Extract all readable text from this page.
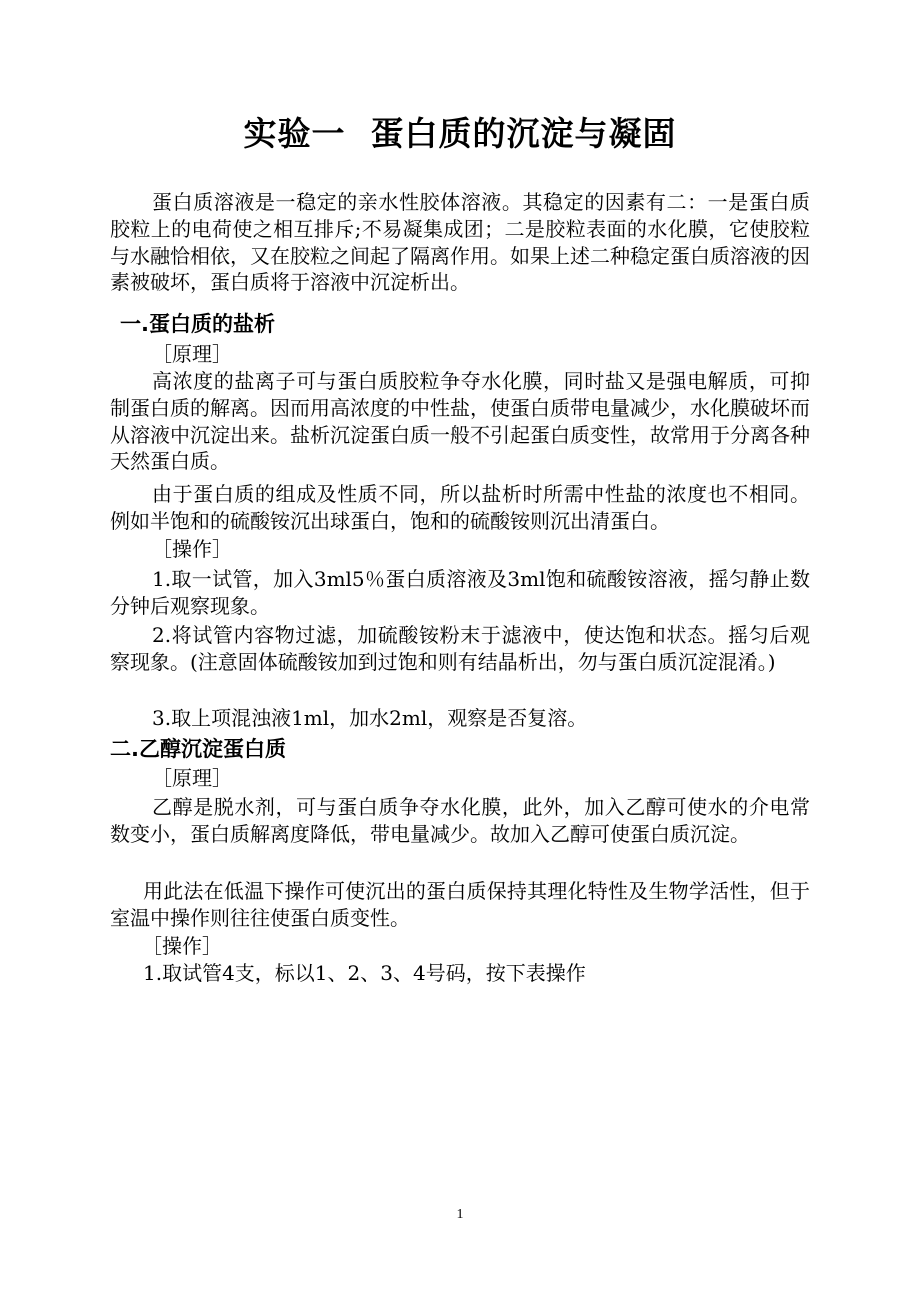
实验一  蛋白质的沉淀与凝固

蛋白质溶液是一稳定的亲水性胶体溶液。其稳定的因素有二：一是蛋白质胶粒上的电荷使之相互排斥;不易凝集成团；二是胶粒表面的水化膜，它使胶粒与水融恰相依，又在胶粒之间起了隔离作用。如果上述二种稳定蛋白质溶液的因素被破坏，蛋白质将于溶液中沉淀析出。

一.蛋白质的盐析
［原理］

高浓度的盐离子可与蛋白质胶粒争夺水化膜，同时盐又是强电解质，可抑制蛋白质的解离。因而用高浓度的中性盐，使蛋白质带电量减少，水化膜破坏而从溶液中沉淀出来。盐析沉淀蛋白质一般不引起蛋白质变性，故常用于分离各种天然蛋白质。

由于蛋白质的组成及性质不同，所以盐析时所需中性盐的浓度也不相同。例如半饱和的硫酸铵沉出球蛋白，饱和的硫酸铵则沉出清蛋白。

［操作］

1.取一试管，加入3ml5％蛋白质溶液及3ml饱和硫酸铵溶液，摇匀静止数分钟后观察现象。

2.将试管内容物过滤，加硫酸铵粉末于滤液中，使达饱和状态。摇匀后观察现象。(注意固体硫酸铵加到过饱和则有结晶析出，勿与蛋白质沉淀混淆。)

3.取上项混浊液1ml，加水2ml，观察是否复溶。

二.乙醇沉淀蛋白质
［原理］

乙醇是脱水剂，可与蛋白质争夺水化膜，此外，加入乙醇可使水的介电常数变小，蛋白质解离度降低，带电量减少。故加入乙醇可使蛋白质沉淀。

用此法在低温下操作可使沉出的蛋白质保持其理化特性及生物学活性，但于室温中操作则往往使蛋白质变性。

［操作］

1.取试管4支，标以1、2、3、4号码，按下表操作

1
